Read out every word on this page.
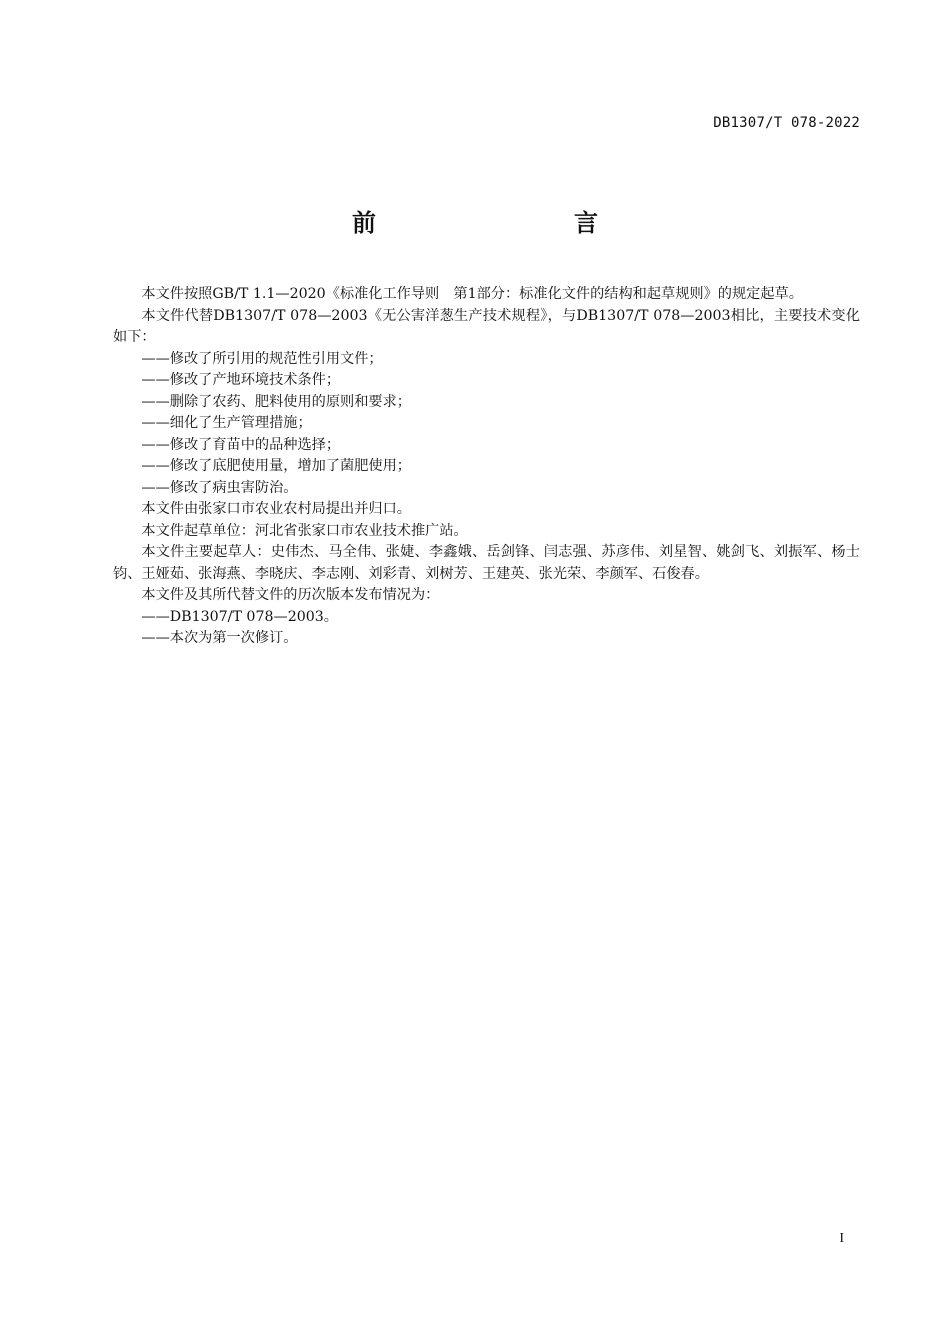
DB1307/T 078-2022
前　　言

本文件按照GB/T 1.1—2020《标准化工作导则　第1部分：标准化文件的结构和起草规则》的规定起草。

本文件代替DB1307/T 078—2003《无公害洋葱生产技术规程》，与DB1307/T 078—2003相比，主要技术变化如下：

——修改了所引用的规范性引用文件；

——修改了产地环境技术条件；

——删除了农药、肥料使用的原则和要求；

——细化了生产管理措施；

——修改了育苗中的品种选择；

——修改了底肥使用量，增加了菌肥使用；

——修改了病虫害防治。

本文件由张家口市农业农村局提出并归口。

本文件起草单位：河北省张家口市农业技术推广站。

本文件主要起草人：史伟杰、马全伟、张婕、李鑫娥、岳剑锋、闫志强、苏彦伟、刘星智、姚剑飞、刘振军、杨士钧、王娅茹、张海燕、李晓庆、李志刚、刘彩青、刘树芳、王建英、张光荣、李颜军、石俊春。

本文件及其所代替文件的历次版本发布情况为：

——DB1307/T 078—2003。

——本次为第一次修订。

I
